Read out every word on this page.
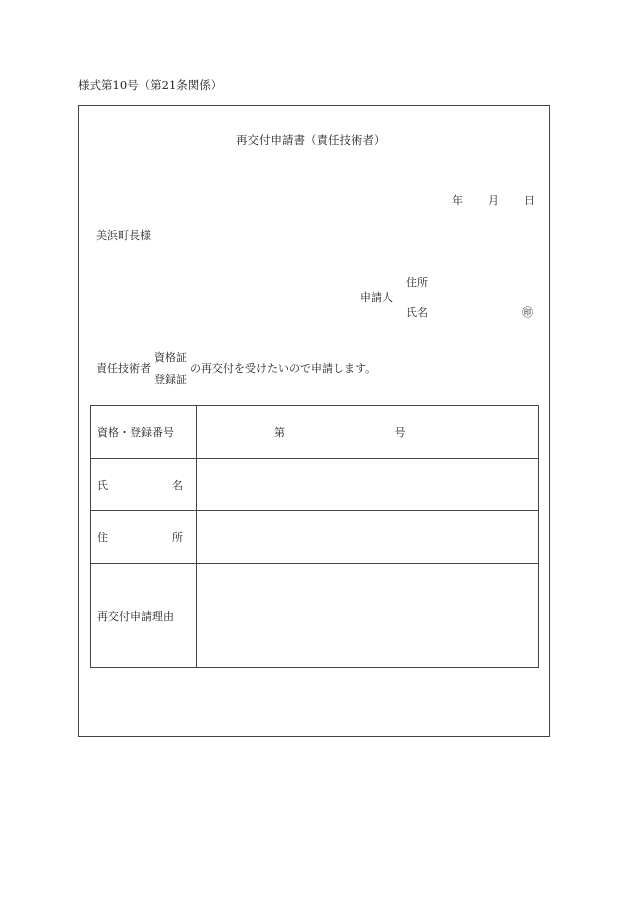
様式第10号（第21条関係）
再交付申請書（責任技術者）
年 月 日
美浜町長様
住所
申請人
氏名	㊞
責任技術者
資格証
登録証
の再交付を受けたいので申請します。
資格・登録番号	第 号

氏 名	

住 所	

再交付申請理由	
